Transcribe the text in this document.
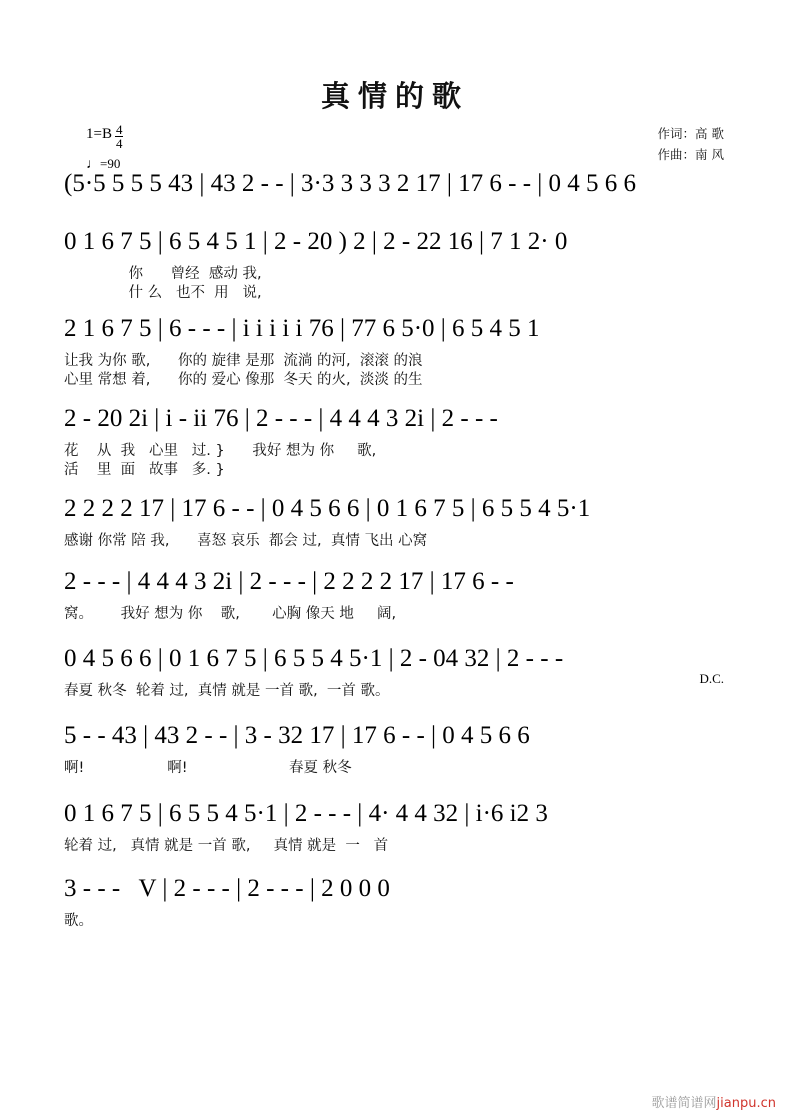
真情的歌
$1=B \frac{4}{4}$
♩=90
作词：高 歌
作曲：南 风
(5·5 5 5 5 43 | 43 2 - - | 3·3 3 3 3 2 17 | 17 6 - - | 0 4 5 6 6
0 1 6 7 5 | 6 5 4 5 1 | 2 - 20 ) 2 | 2 - 22 16 | 7 1 2· 0
你      曾经  感动 我,
什 么   也不  用   说,
2 1 6 7 5 | 6 - - - | i i i i i 76 | 77 6 5·0 | 6 5 4 5 1
让我 为你 歌,      你的 旋律 是那  流淌 的河,  滚滚 的浪
心里 常想 着,      你的 爱心 像那  冬天 的火,  淡淡 的生
2 - 20 2i | i - ii 76 | 2 - - - | 4 4 4 3 2i | 2 - - -
花    从  我   心里   过. }      我好 想为 你     歌,
活    里  面   故事   多. }
2 2 2 2 17 | 17 6 - - | 0 4 5 6 6 | 0 1 6 7 5 | 6 5 5 4 5·1
感谢 你常 陪 我,      喜怒 哀乐  都会 过,  真情 飞出 心窝
2 - - - | 4 4 4 3 2i | 2 - - - | 2 2 2 2 17 | 17 6 - -
窝。      我好 想为 你    歌,       心胸 像天 地     阔,
0 4 5 6 6 | 0 1 6 7 5 | 6 5 5 4 5·1 | 2 - 04 32 | 2 - - -
春夏 秋冬  轮着 过,  真情 就是 一首 歌,  一首 歌。
D.C.
5 - - 43 | 43 2 - - | 3 - 32 17 | 17 6 - - | 0 4 5 6 6
啊!                  啊!                      春夏 秋冬
0 1 6 7 5 | 6 5 5 4 5·1 | 2 - - - | 4· 4 4 32 | i·6 i2 3
轮着 过,   真情 就是 一首 歌,     真情 就是  一   首
3 - - -   V | 2 - - - | 2 - - - | 2 0 0 0
歌。
歌谱简谱网jianpu.cn
